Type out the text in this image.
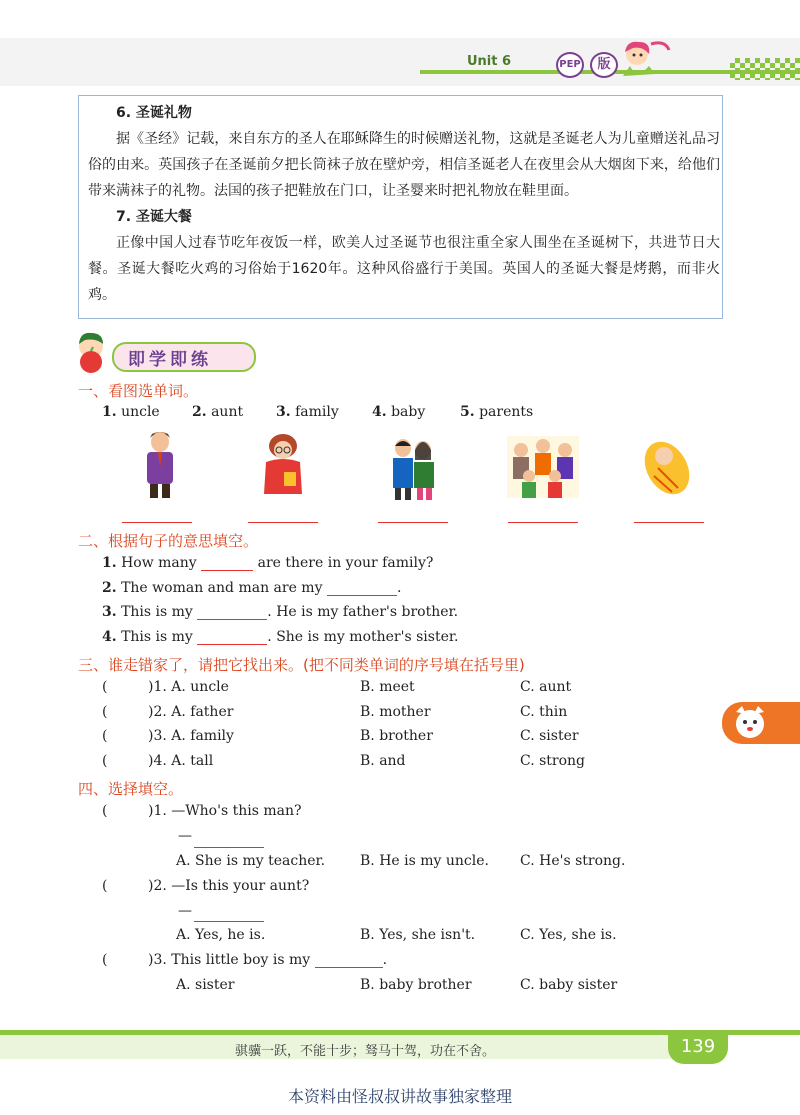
Unit 6	PEP	版

6. 圣诞礼物

据《圣经》记载，来自东方的圣人在耶稣降生的时候赠送礼物，这就是圣诞老人为儿童赠送礼品习俗的由来。英国孩子在圣诞前夕把长筒袜子放在壁炉旁，相信圣诞老人在夜里会从大烟囱下来，给他们带来满袜子的礼物。法国的孩子把鞋放在门口，让圣婴来时把礼物放在鞋里面。

7. 圣诞大餐

正像中国人过春节吃年夜饭一样，欧美人过圣诞节也很注重全家人围坐在圣诞树下，共进节日大餐。圣诞大餐吃火鸡的习俗始于1620年。这种风俗盛行于美国。英国人的圣诞大餐是烤鹅，而非火鸡。

即学即练
一、看图选单词。
1. uncle 2. aunt 3. family 4. baby 5. parents
二、根据句子的意思填空。
1. How many	are there in your family?
2. The woman and man are my	.
3. This is my	. He is my father's brother.
4. This is my	. She is my mother's sister.
三、谁走错家了，请把它找出来。(把不同类单词的序号填在括号里)
(	)1. A. uncle	B. meet	C. aunt
(	)2. A. father	B. mother	C. thin
(	)3. A. family	B. brother	C. sister
(	)4. A. tall	B. and	C. strong
四、选择填空。
(	)1. —Who's this man?
—
A. She is my teacher. B. He is my uncle. C. He's strong.
(	)2. —Is this your aunt?
—
A. Yes, he is.	B. Yes, she isn't.	C. Yes, she is.
(	)3. This little boy is my	.
A. sister	B. baby brother	C. baby sister
骐骥一跃，不能十步；驽马十驾，功在不舍。	139
本资料由怪叔叔讲故事独家整理
